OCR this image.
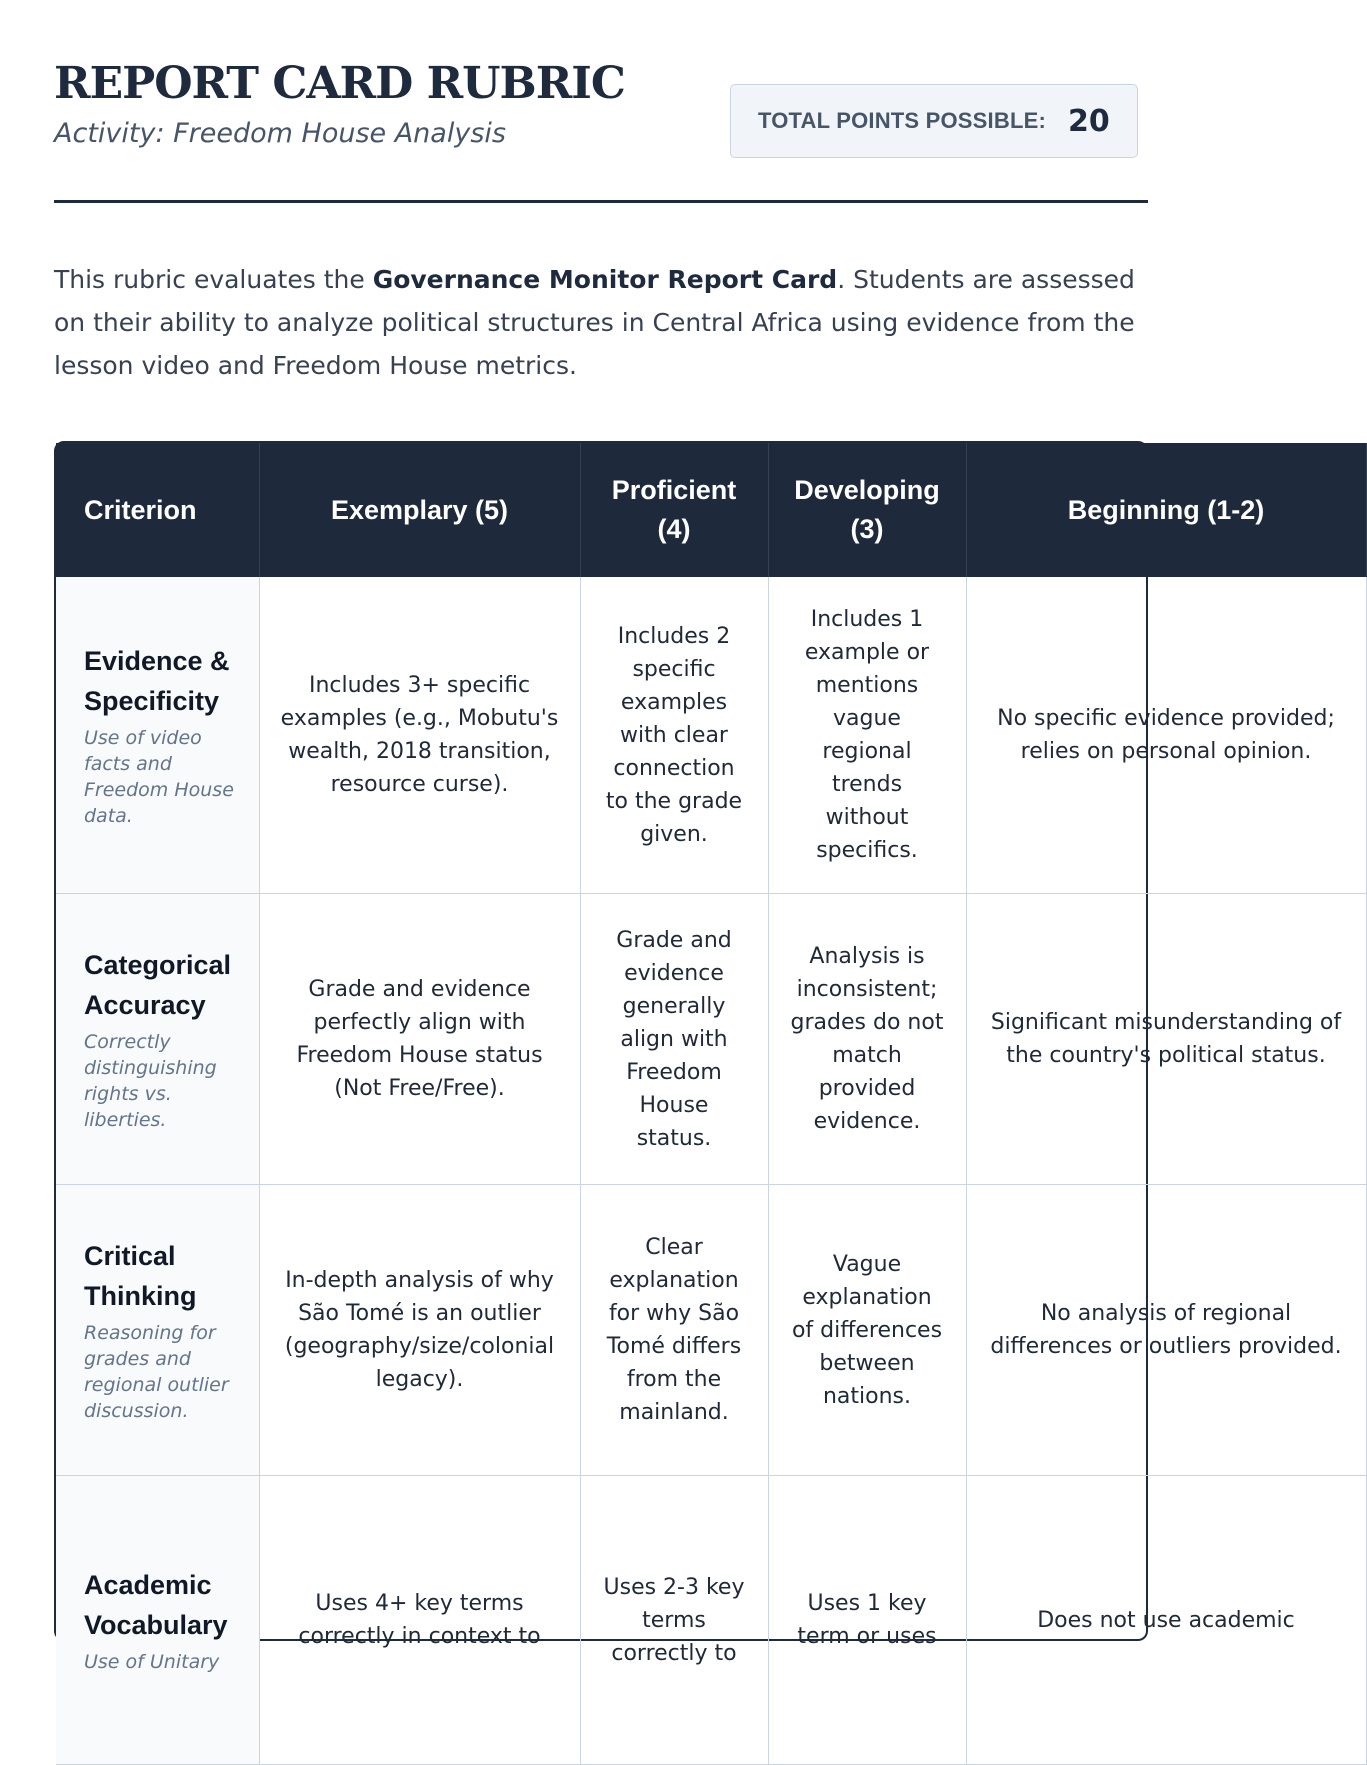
REPORT CARD RUBRIC
Activity: Freedom House Analysis	TOTAL POINTS POSSIBLE: 20

This rubric evaluates the Governance Monitor Report Card. Students are assessed on their ability to analyze political structures in Central Africa using evidence from the lesson video and Freedom House metrics.

Criterion	Exemplary (5)	Proficient (4)	Developing (3)	Beginning (1-2)

Evidence & Specificity
Use of video facts and Freedom House data.	Includes 3+ specific examples (e.g., Mobutu's wealth, 2018 transition, resource curse).	Includes 2 specific examples with clear connection to the grade given.	Includes 1 example or mentions vague regional trends without specifics.	No specific evidence provided; relies on personal opinion.

Categorical Accuracy
Correctly distinguishing rights vs. liberties.	Grade and evidence perfectly align with Freedom House status (Not Free/Free).	Grade and evidence generally align with Freedom House status.	Analysis is inconsistent; grades do not match provided evidence.	Significant misunderstanding of the country's political status.

Critical Thinking
Reasoning for grades and regional outlier discussion.	In-depth analysis of why São Tomé is an outlier (geography/size/colonial legacy).	Clear explanation for why São Tomé differs from the mainland.	Vague explanation of differences between nations.	No analysis of regional differences or outliers provided.

Academic Vocabulary
Use of Unitary	Uses 4+ key terms correctly in context to	Uses 2-3 key terms correctly to	Uses 1 key term or uses	Does not use academic
